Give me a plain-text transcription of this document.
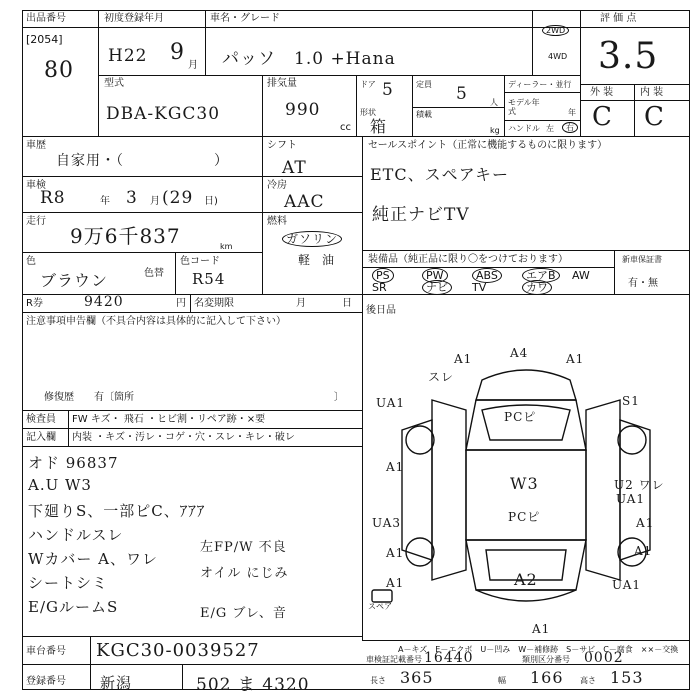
出品番号
[2054]
80
初度登録年月
H22 9
月
車名・グレード
パッソ　1.0 +Hana
2WD
4WD
評 価 点
3.5
型式
DBA-KGC30
排気量
990
cc
ドア 5
形状
箱
定員 5	人
積載
kg
ディーラー・並行
モデル年式	年
ハンドル 左	右
外 装	内 装
C C
車歴
自家用・（　　　　　　）
シフト
AT
セールスポイント（正常に機能するものに限ります）
ETC、スペアキー
純正ナビTV
車検
R8	年 3 月 (29 日)
冷房
AAC
走行
9万6千837	km
燃料
ガソリン
軽　油
色
ブラウン	色替
色コード
R54
装備品（純正品に限り〇をつけております）	新車保証書
有・無
PS	PW	ABS	エアB	AW
SR	ナビ	TV	カワ
R券	9420	円 名変期限	月	日
後日品
注意事項申告欄（不具合内容は具体的に記入して下さい）
修復歴　　有〔箇所	〕
検査員 FW キズ・ 飛石 ・ヒビ割・リペア跡・×要
記入欄 内装 ・キズ・汚レ・コゲ・穴・スレ・キレ・破レ
オド 96837
A.U W3
下廻りS、一部ピC、ｱｱｱ
ハンドルスレ
Wカバー A、ワレ
シートシミ
E/GルームS
左FP/W 不良
オイル にじみ
E/G ブレ、音
A1	A4	A1
スレ
UA1	S1
A1
U2 ワレ
UA1
A1
UA3
A1
A1	UA1
A1
PCピ
W3
PCピ
A2
A1
スペア
A－キズ　E－エクボ　U－凹み　W－補修跡　S－サビ　C－腐食　××－交換
車台番号 KGC30-0039527
登録番号 新潟	502 ま 4320
車検証記載番号 16440	類別区分番号 0002
長さ 365	幅 166 高さ 153
